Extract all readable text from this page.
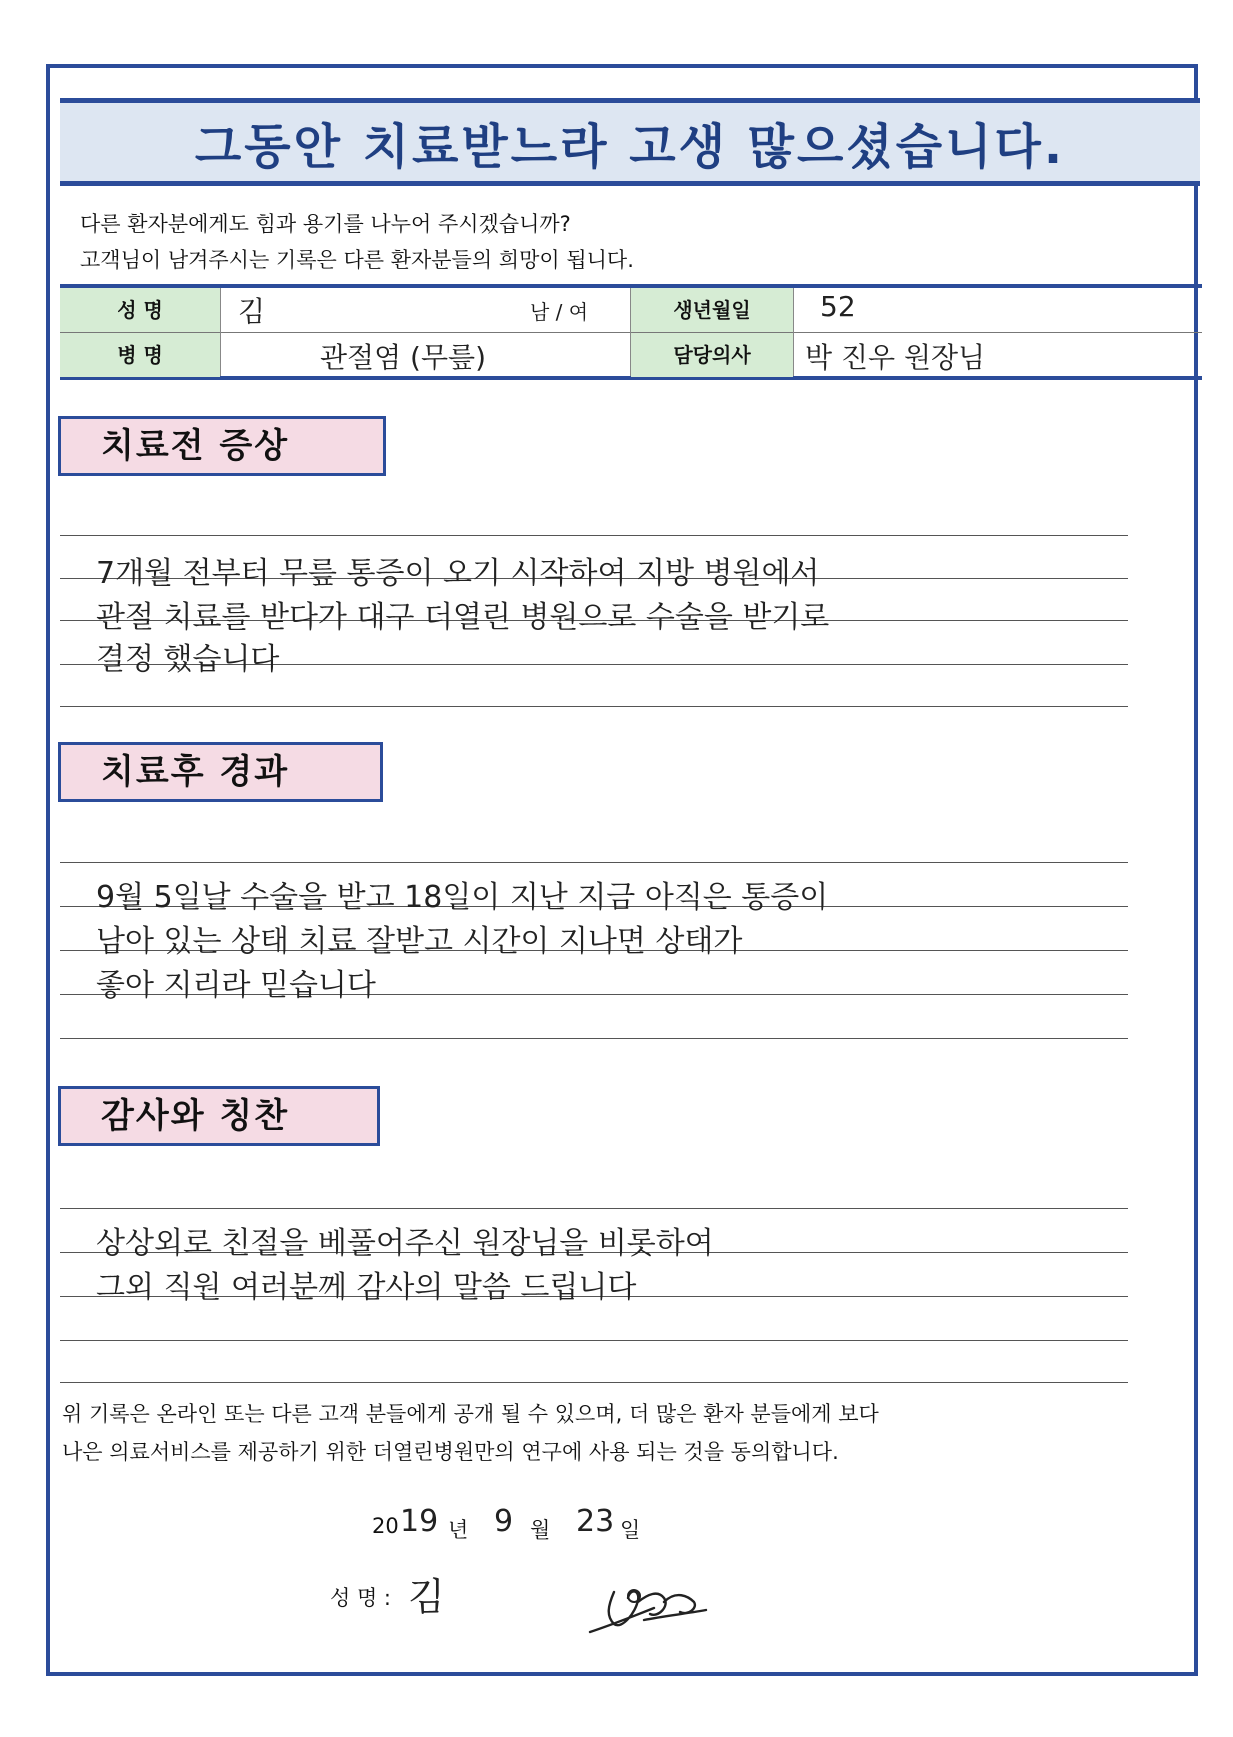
그동안 치료받느라 고생 많으셨습니다.
다른 환자분에게도 힘과 용기를 나누어 주시겠습니까?
고객님이 남겨주시는 기록은 다른 환자분들의 희망이 됩니다.
성 명
병 명
김	남 / 여
관절염 (무릎)
생년월일
담당의사
52
박 진우 원장님
치료전 증상
7개월 전부터 무릎 통증이 오기 시작하여 지방 병원에서
관절 치료를 받다가 대구 더열린 병원으로 수술을 받기로
결정 했습니다
치료후 경과
9월 5일날 수술을 받고 18일이 지난 지금 아직은 통증이
남아 있는 상태 치료 잘받고 시간이 지나면 상태가
좋아 지리라 믿습니다
감사와 칭찬
상상외로 친절을 베풀어주신 원장님을 비롯하여
그외 직원 여러분께 감사의 말씀 드립니다
위 기록은 온라인 또는 다른 고객 분들에게 공개 될 수 있으며, 더 많은 환자 분들에게 보다
나은 의료서비스를 제공하기 위한 더열린병원만의 연구에 사용 되는 것을 동의합니다.
20 19 년 9 월 23 일
성 명 : 김
